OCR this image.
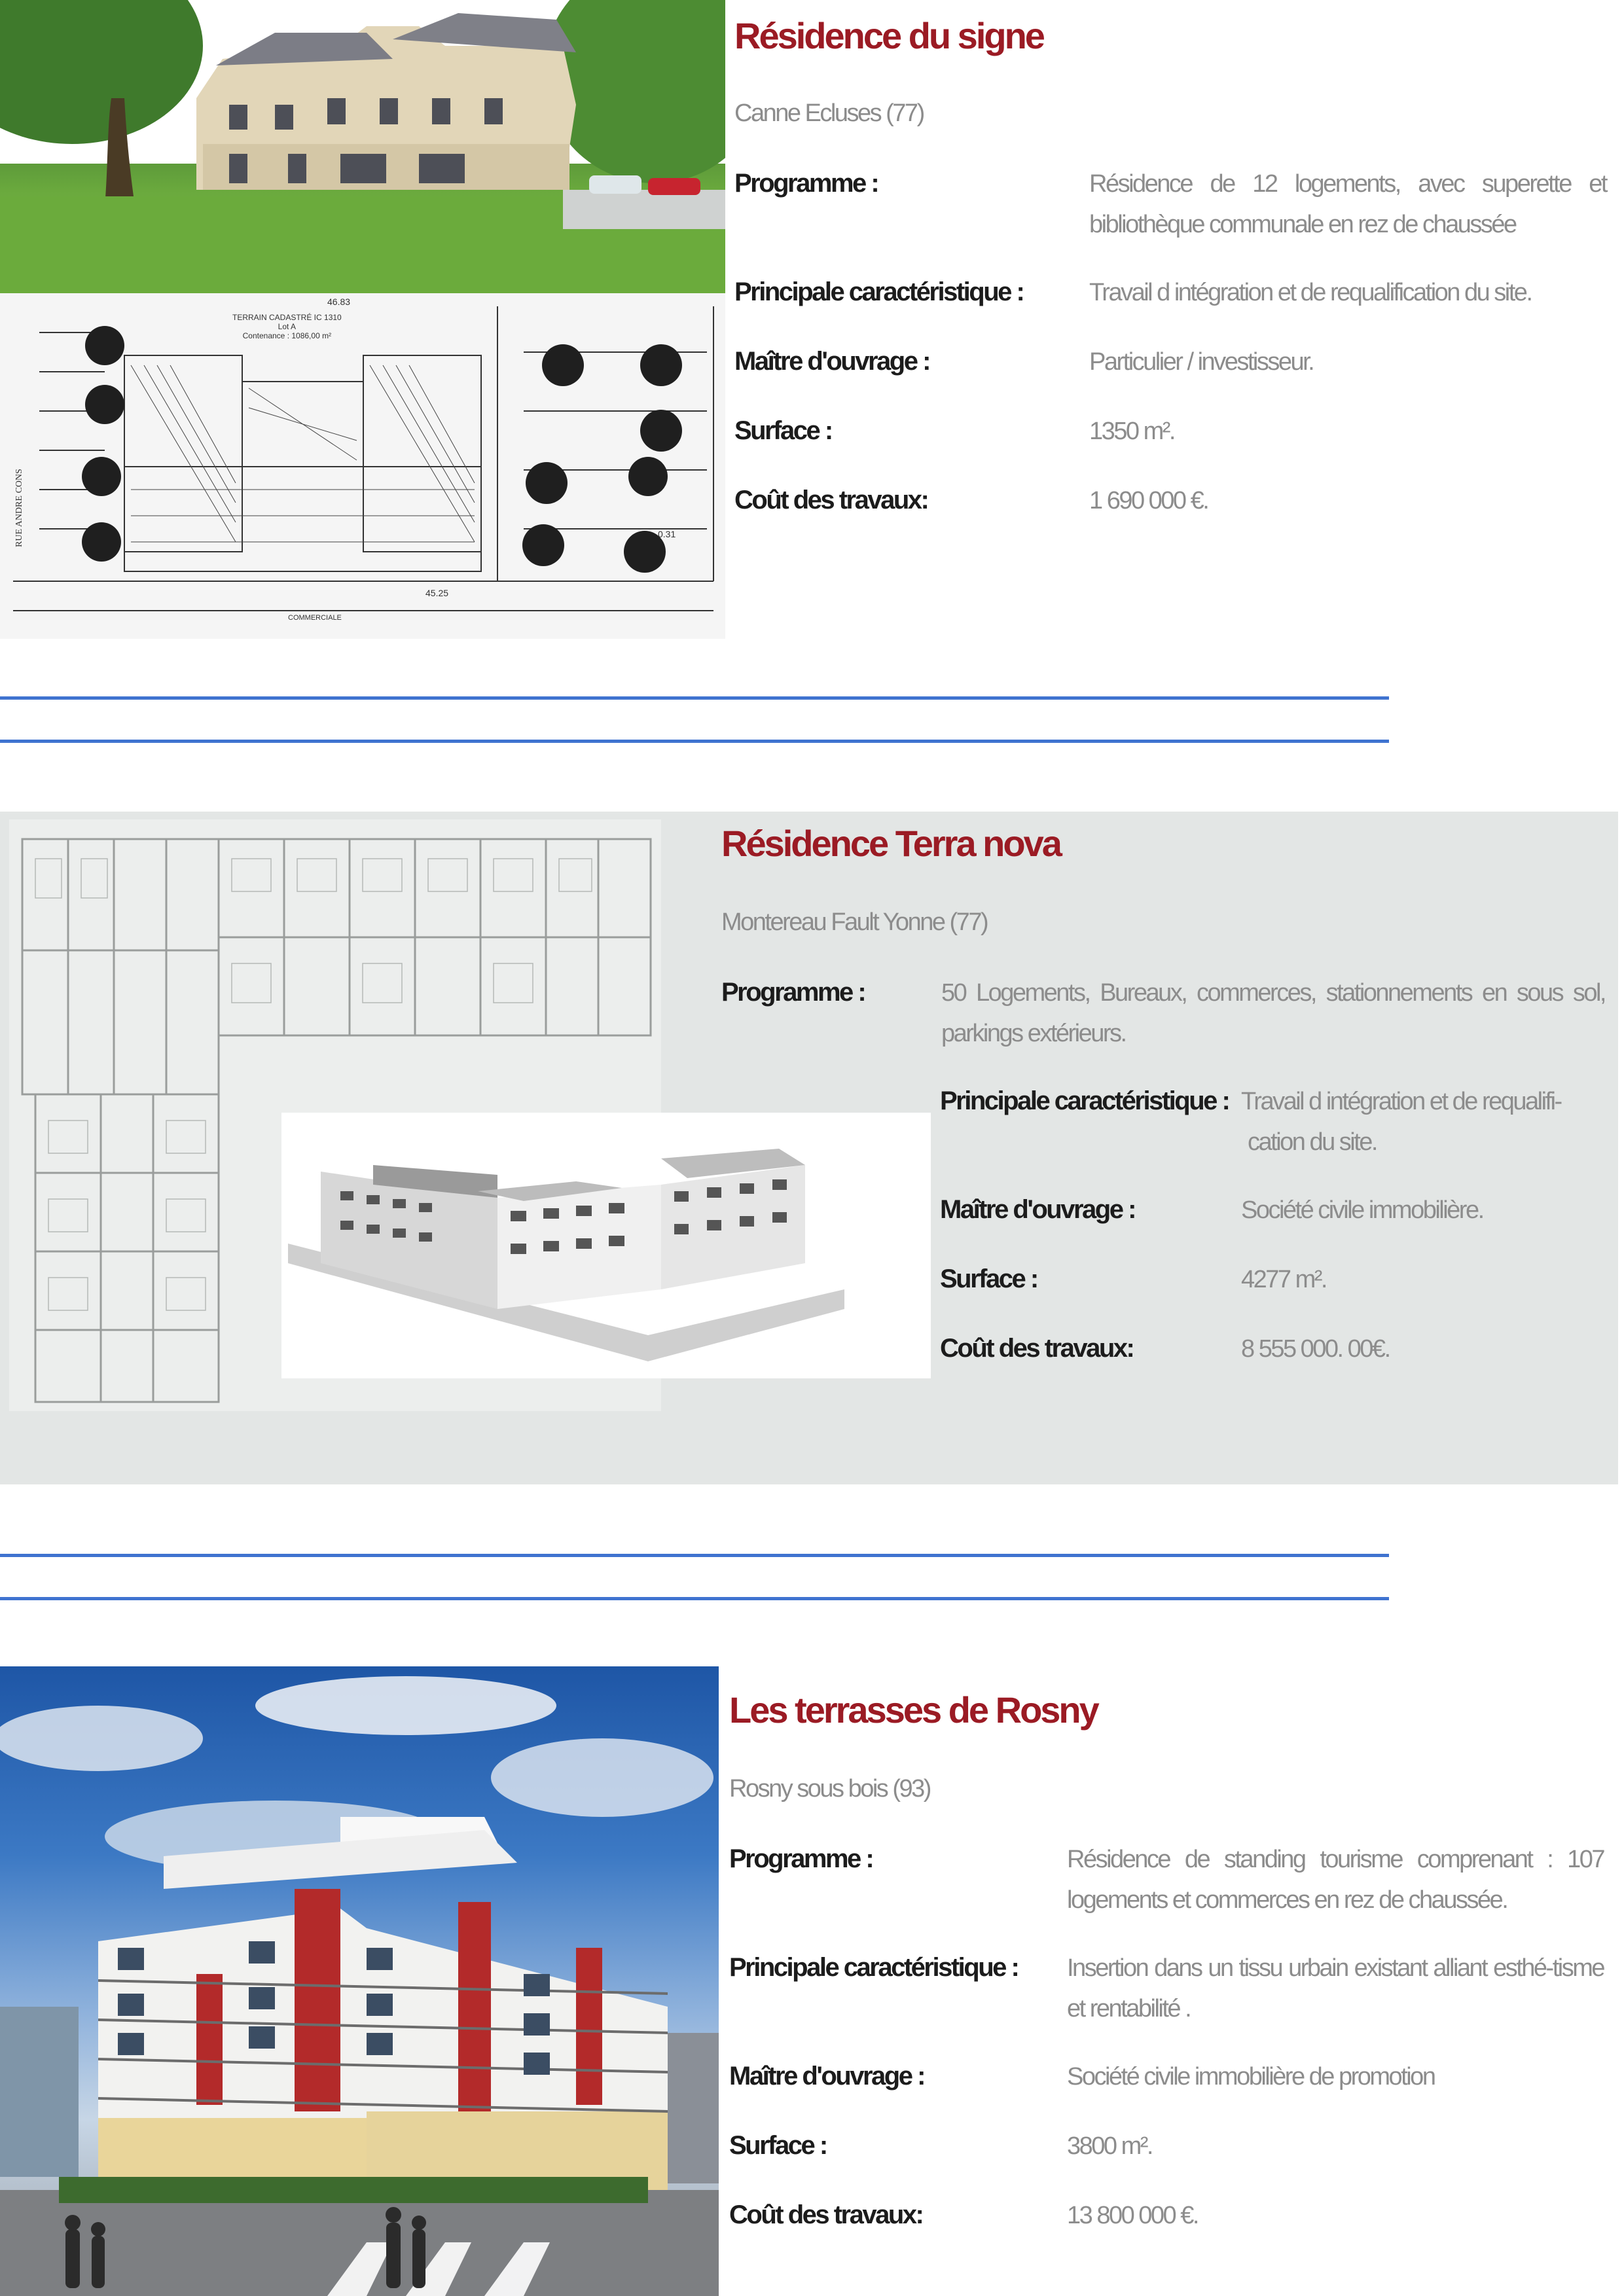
TERRAIN CADASTRÉ IC 1310
Lot A
Contenance : 1086,00 m²
46.83
45.25
0.31
COMMERCIALE
RUE ANDRE CONS
Résidence du signe
Canne Ecluses (77)
Programme :	Résidence de 12 logements, avec superette et bibliothèque communale en rez de chaussée
Principale caractéristique :	Travail d intégration et de requalification du site.
Maître d'ouvrage :	Particulier / investisseur.
Surface :	1350 m².
Coût des travaux:	1 690 000 €.
Résidence Terra nova
Montereau Fault Yonne (77)
Programme :	50 Logements, Bureaux, commerces, stationnements en sous sol, parkings extérieurs.
Principale caractéristique : Travail d intégration et de requalifi-
cation du site.
Maître d'ouvrage :	Société civile immobilière.
Surface :	4277 m².
Coût des travaux:	8 555 000. 00€.
Les terrasses de Rosny
Rosny sous bois (93)
Programme :	Résidence de standing tourisme comprenant : 107 logements et commerces en rez de chaussée.
Principale caractéristique : Insertion dans un tissu urbain existant alliant esthé-tisme et rentabilité .
Maître d'ouvrage :	Société civile immobilière de promotion
Surface :	3800 m².
Coût des travaux:	13 800 000 €.
